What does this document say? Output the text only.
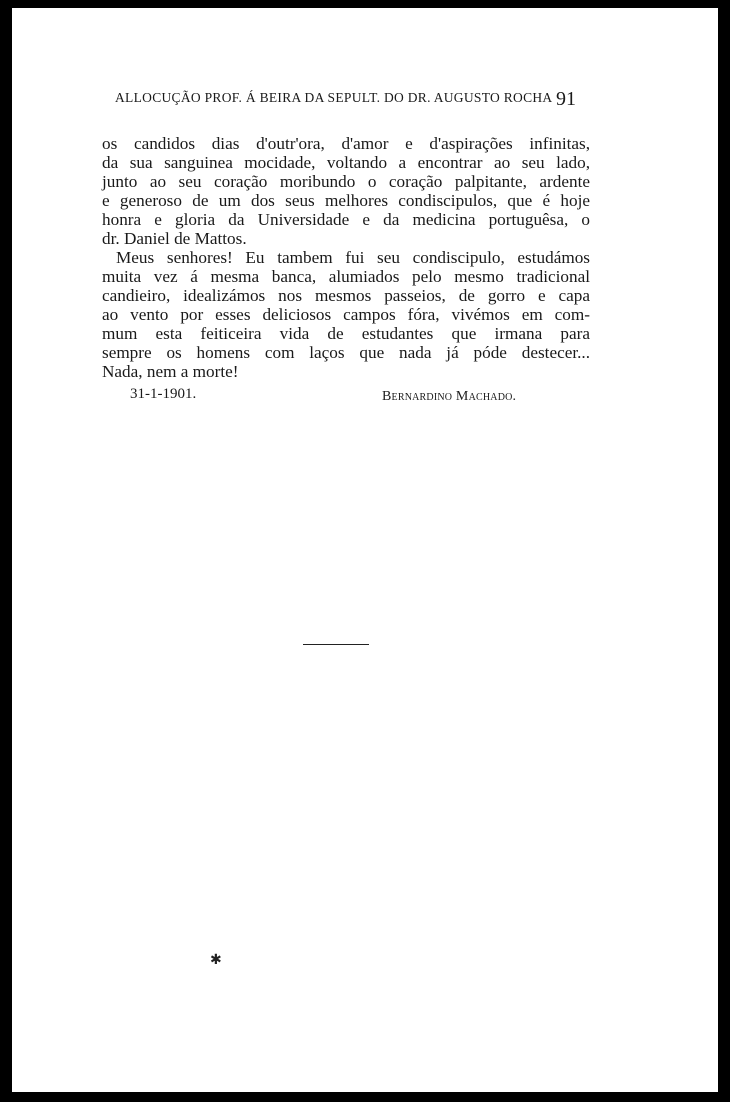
ALLOCUÇÃO PROF. Á BEIRA DA SEPULT. DO DR. AUGUSTO ROCHA 91
os candidos dias d'outr'ora, d'amor e d'aspirações infinitas,
da sua sanguinea mocidade, voltando a encontrar ao seu lado,
junto ao seu coração moribundo o coração palpitante, ardente
e generoso de um dos seus melhores condiscipulos, que é hoje
honra e gloria da Universidade e da medicina portuguêsa, o
dr. Daniel de Mattos.
Meus senhores! Eu tambem fui seu condiscipulo, estudámos
muita vez á mesma banca, alumiados pelo mesmo tradicional
candieiro, idealizámos nos mesmos passeios, de gorro e capa
ao vento por esses deliciosos campos fóra, vivémos em com-
mum esta feiticeira vida de estudantes que irmana para
sempre os homens com laços que nada já póde destecer...
Nada, nem a morte!
31-1-1901.	Bernardino Machado.
✱
